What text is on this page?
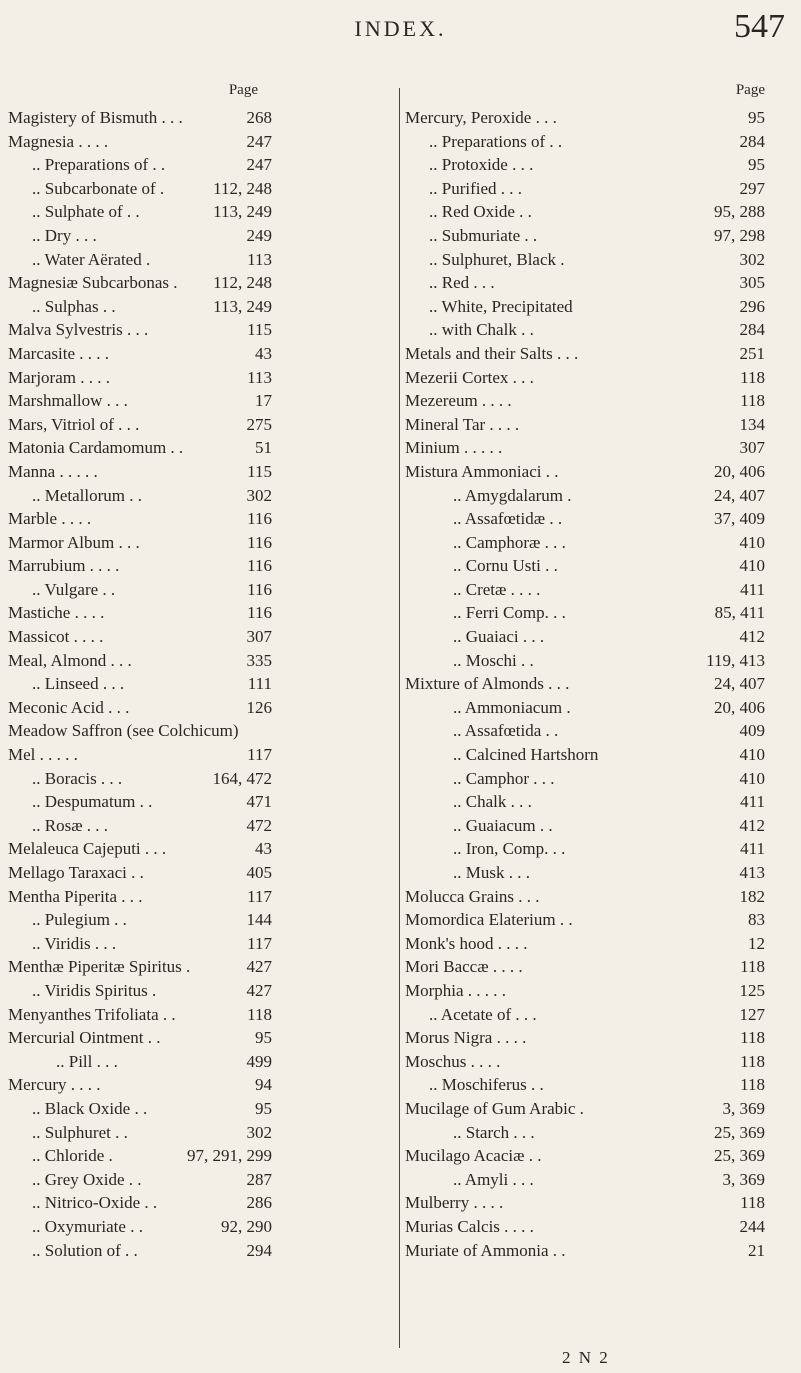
INDEX.	547
Page
Magistery of Bismuth . . .	268
Magnesia . . . .	247
.. Preparations of . .	247
.. Subcarbonate of .	112, 248
.. Sulphate of . .	113, 249
.. Dry . . .	249
.. Water Aërated .	113
Magnesiæ Subcarbonas . 112, 248
.. Sulphas . .	113, 249
Malva Sylvestris . . .	115
Marcasite . . . .	43
Marjoram . . . .	113
Marshmallow . . .	17
Mars, Vitriol of . . .	275
Matonia Cardamomum . .	51
Manna . . . . .	115
.. Metallorum . .	302
Marble . . . .	116
Marmor Album . . .	116
Marrubium . . . .	116
.. Vulgare . .	116
Mastiche . . . .	116
Massicot . . . .	307
Meal, Almond . . .	335
.. Linseed . . .	111
Meconic Acid . . .	126
Meadow Saffron (see Colchicum)
Mel . . . . .	117
.. Boracis . . .	164, 472
.. Despumatum . .	471
.. Rosæ . . .	472
Melaleuca Cajeputi . . .	43
Mellago Taraxaci . .	405
Mentha Piperita . . .	117
.. Pulegium . .	144
.. Viridis . . .	117
Menthæ Piperitæ Spiritus .	427
.. Viridis Spiritus .	427
Menyanthes Trifoliata . .	118
Mercurial Ointment . .	95
.. Pill . . .	499
Mercury . . . .	94
.. Black Oxide . .	95
.. Sulphuret . .	302
.. Chloride .	97, 291, 299
.. Grey Oxide . .	287
.. Nitrico-Oxide . .	286
.. Oxymuriate . .	92, 290
.. Solution of . .	294
Page
Mercury, Peroxide . . .	95
.. Preparations of . .	284
.. Protoxide . . .	95
.. Purified . . .	297
.. Red Oxide . .	95, 288
.. Submuriate . .	97, 298
.. Sulphuret, Black .	302
.. Red . . .	305
.. White, Precipitated	296
.. with Chalk . .	284
Metals and their Salts . . .	251
Mezerii Cortex . . .	118
Mezereum . . . .	118
Mineral Tar . . . .	134
Minium . . . . .	307
Mistura Ammoniaci . .	20, 406
.. Amygdalarum .	24, 407
.. Assafœtidæ . .	37, 409
.. Camphoræ . . .	410
.. Cornu Usti . .	410
.. Cretæ . . . .	411
.. Ferri Comp. . .	85, 411
.. Guaiaci . . .	412
.. Moschi . .	119, 413
Mixture of Almonds . . .	24, 407
.. Ammoniacum .	20, 406
.. Assafœtida . .	409
.. Calcined Hartshorn	410
.. Camphor . . .	410
.. Chalk . . .	411
.. Guaiacum . .	412
.. Iron, Comp. . .	411
.. Musk . . .	413
Molucca Grains . . .	182
Momordica Elaterium . .	83
Monk's hood . . . .	12
Mori Baccæ . . . .	118
Morphia . . . . .	125
.. Acetate of . . .	127
Morus Nigra . . . .	118
Moschus . . . .	118
.. Moschiferus . .	118
Mucilage of Gum Arabic .	3, 369
.. Starch . . .	25, 369
Mucilago Acaciæ . .	25, 369
.. Amyli . . .	3, 369
Mulberry . . . .	118
Murias Calcis . . . .	244
Muriate of Ammonia . .	21
2 N 2
